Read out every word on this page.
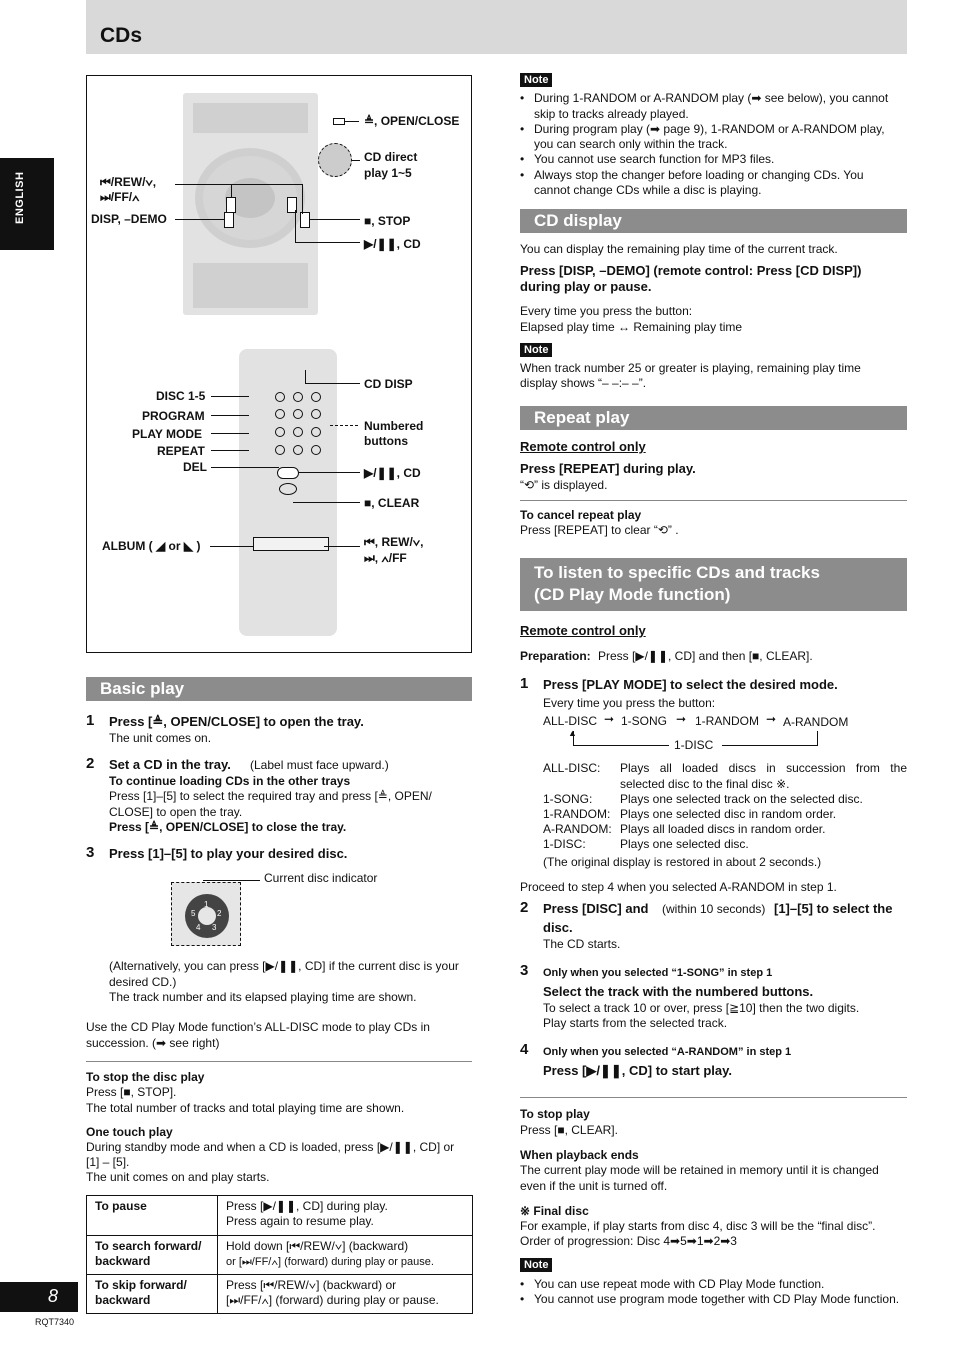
CDs
ENGLISH
≜, OPEN/CLOSE
CD direct
play 1~5
⏮/REW/∨,
⏭/FF/∧
DISP, –DEMO	■, STOP
▶/❚❚, CD
CD DISP
DISC 1-5
PROGRAM
PLAY MODE
REPEAT
DEL
Numbered
buttons
▶/❚❚, CD
■, CLEAR
ALBUM ( ◢ or ◣ )	⏮, REW/∨,
⏭, ∧/FF
Basic play
1 Press [≜, OPEN/CLOSE] to open the tray.
The unit comes on.
2 Set a CD in the tray. (Label must face upward.)
To continue loading CDs in the other trays
Press [1]–[5] to select the required tray and press [≜, OPEN/
CLOSE] to open the tray.
Press [≜, OPEN/CLOSE] to close the tray.
3 Press [1]–[5] to play your desired disc.
1
2
3
4
5
Current disc indicator
(Alternatively, you can press [▶/❚❚, CD] if the current disc is your
desired CD.)
The track number and its elapsed playing time are shown.
Use the CD Play Mode function’s ALL-DISC mode to play CDs in
succession. (➡ see right)
To stop the disc play
Press [■, STOP].
The total number of tracks and total playing time are shown.
One touch play
During standby mode and when a CD is loaded, press [▶/❚❚, CD] or
[1] – [5].
The unit comes on and play starts.
To pause	Press [▶/❚❚, CD] during play.
Press again to resume play.
To search forward/
backward	Hold down [⏮/REW/∨] (backward)
or [⏭/FF/∧] (forward) during play or pause.
To skip forward/
backward	Press [⏮/REW/∨] (backward) or
[⏭/FF/∧] (forward) during play or pause.
Note
• During 1-RANDOM or A-RANDOM play (➡ see below), you cannot
skip to tracks already played.
• During program play (➡ page 9), 1-RANDOM or A-RANDOM play,
you can search only within the track.
• You cannot use search function for MP3 files.
• Always stop the changer before loading or changing CDs. You
cannot change CDs while a disc is playing.
CD display
You can display the remaining play time of the current track.
Press [DISP, –DEMO] (remote control: Press [CD DISP])
during play or pause.
Every time you press the button:
Elapsed play time ↔ Remaining play time
Note
When track number 25 or greater is playing, remaining play time
display shows “– –:– –”.
Repeat play
Remote control only
Press [REPEAT] during play.
“⟲” is displayed.
To cancel repeat play
Press [REPEAT] to clear “⟲” .
To listen to specific CDs and tracks
(CD Play Mode function)
Remote control only
Preparation: Press [▶/❚❚, CD] and then [■, CLEAR].
1 Press [PLAY MODE] to select the desired mode.
Every time you press the button:
ALL-DISC ➞ 1-SONG ➞ 1-RANDOM ➞ A-RANDOM
▲
1-DISC
ALL-DISC: Plays all loaded discs in succession from the
selected disc to the final disc ※.
1-SONG: Plays one selected track on the selected disc.
1-RANDOM: Plays one selected disc in random order.
A-RANDOM: Plays all loaded discs in random order.
1-DISC:	Plays one selected disc.
(The original display is restored in about 2 seconds.)
Proceed to step 4 when you selected A-RANDOM in step 1.
2 Press [DISC] and (within 10 seconds) [1]–[5] to select the
disc.
The CD starts.
3 Only when you selected “1-SONG” in step 1
Select the track with the numbered buttons.
To select a track 10 or over, press [≧10] then the two digits.
Play starts from the selected track.
4 Only when you selected “A-RANDOM” in step 1
Press [▶/❚❚, CD] to start play.
To stop play
Press [■, CLEAR].
When playback ends
The current play mode will be retained in memory until it is changed
even if the unit is turned off.
※ Final disc
For example, if play starts from disc 4, disc 3 will be the “final disc”.
Order of progression: Disc 4➡5➡1➡2➡3
Note
• You can use repeat mode with CD Play Mode function.
• You cannot use program mode together with CD Play Mode function.
8
RQT7340
